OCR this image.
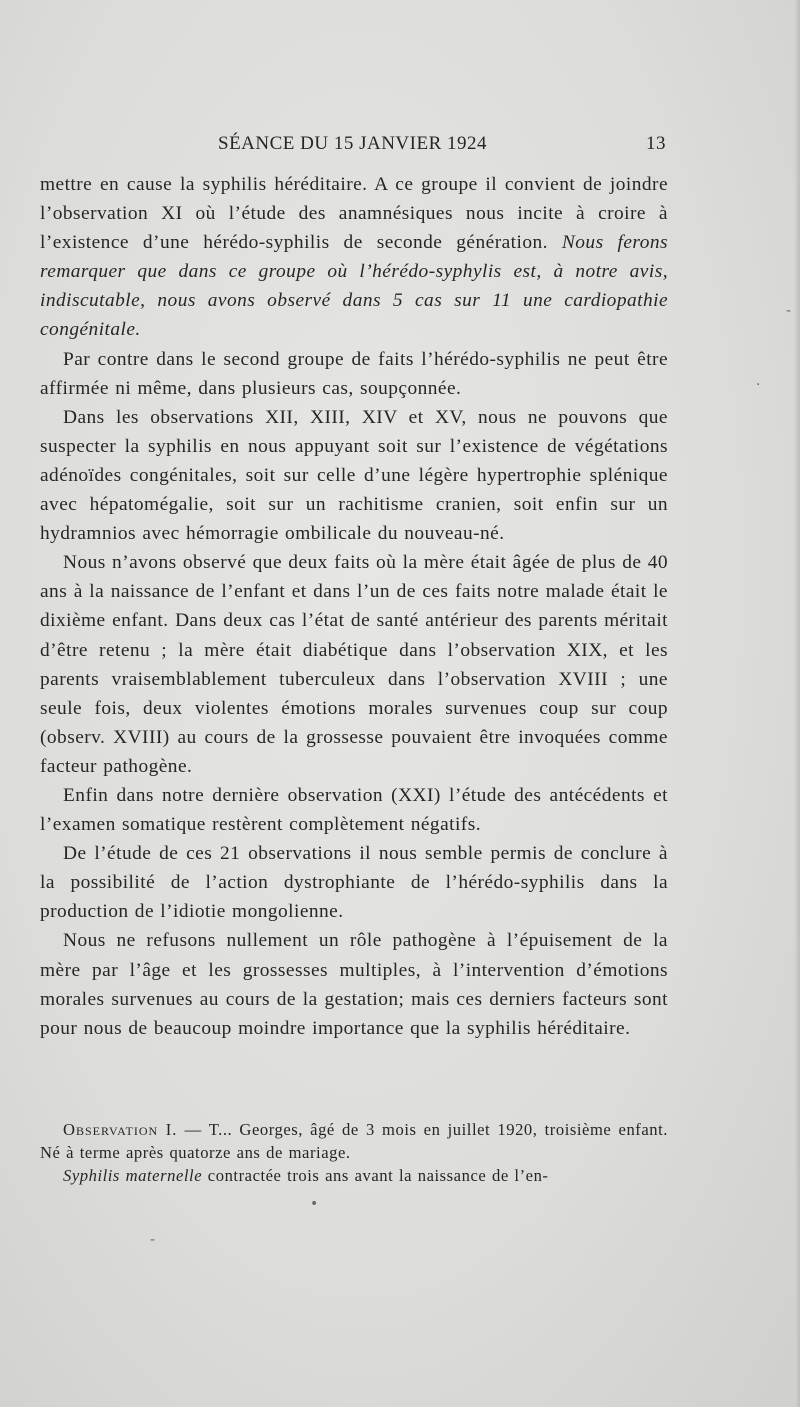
SÉANCE DU 15 JANVIER 1924	13

mettre en cause la syphilis héréditaire. A ce groupe il convient de joindre l’observation XI où l’étude des anamnésiques nous incite à croire à l’existence d’une hérédo-syphilis de seconde génération. Nous ferons remarquer que dans ce groupe où l’hérédo-syphylis est, à notre avis, indiscutable, nous avons observé dans 5 cas sur 11 une cardiopathie congénitale.

Par contre dans le second groupe de faits l’hérédo-syphilis ne peut être affirmée ni même, dans plusieurs cas, soupçonnée.

Dans les observations XII, XIII, XIV et XV, nous ne pouvons que suspecter la syphilis en nous appuyant soit sur l’existence de végétations adénoïdes congénitales, soit sur celle d’une légère hypertrophie splénique avec hépatomégalie, soit sur un rachitisme cranien, soit enfin sur un hydramnios avec hémorragie ombilicale du nouveau-né.

Nous n’avons observé que deux faits où la mère était âgée de plus de 40 ans à la naissance de l’enfant et dans l’un de ces faits notre malade était le dixième enfant. Dans deux cas l’état de santé antérieur des parents méritait d’être retenu ; la mère était diabétique dans l’observation XIX, et les parents vraisemblablement tuberculeux dans l’observation XVIII ; une seule fois, deux violentes émotions morales survenues coup sur coup (observ. XVIII) au cours de la grossesse pouvaient être invoquées comme facteur pathogène.

Enfin dans notre dernière observation (XXI) l’étude des antécédents et l’examen somatique restèrent complètement négatifs.

De l’étude de ces 21 observations il nous semble permis de conclure à la possibilité de l’action dystrophiante de l’hérédo-syphilis dans la production de l’idiotie mongolienne.

Nous ne refusons nullement un rôle pathogène à l’épuisement de la mère par l’âge et les grossesses multiples, à l’intervention d’émotions morales survenues au cours de la gestation; mais ces derniers facteurs sont pour nous de beaucoup moindre importance que la syphilis héréditaire.

Observation I. — T... Georges, âgé de 3 mois en juillet 1920, troisième enfant. Né à terme après quatorze ans de mariage.

Syphilis maternelle contractée trois ans avant la naissance de l’en-

-
·
•
-
